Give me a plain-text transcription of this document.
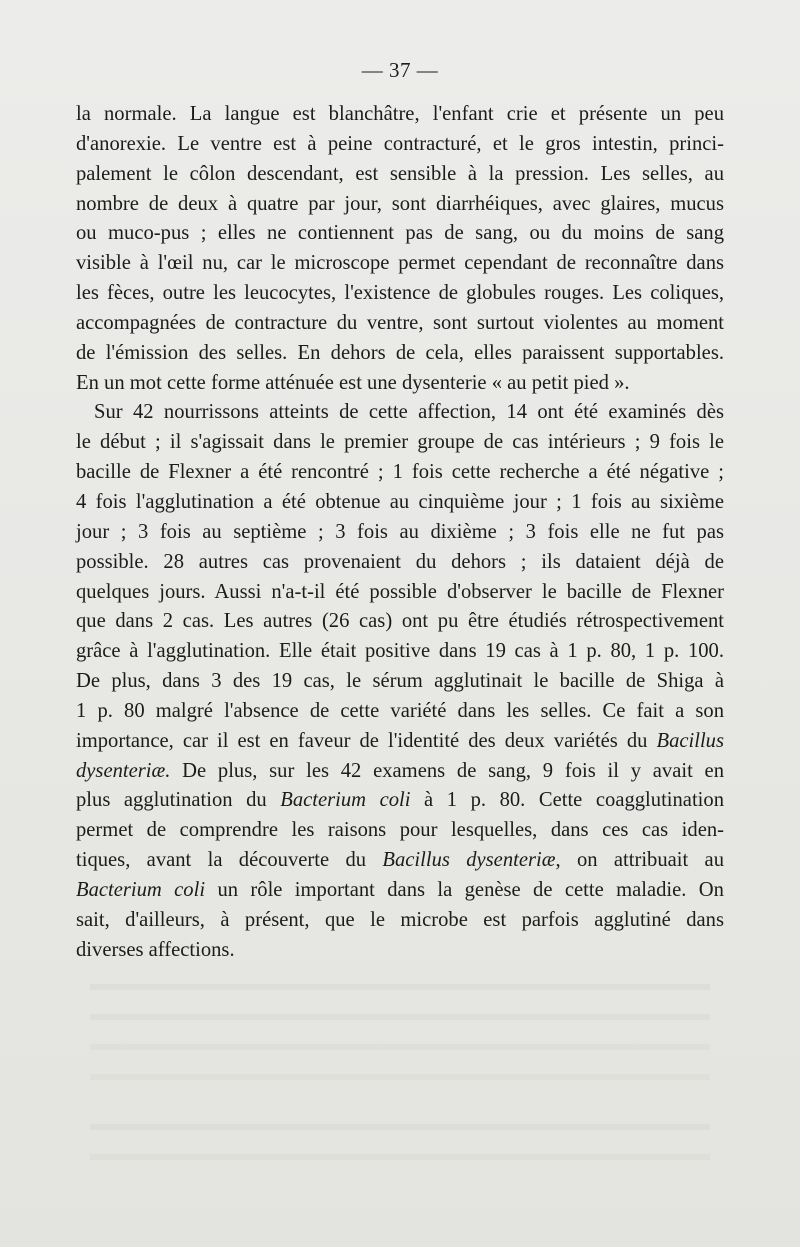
— 37 —
la normale. La langue est blanchâtre, l'enfant crie et présente un peu
d'anorexie. Le ventre est à peine contracturé, et le gros intestin, princi-
palement le côlon descendant, est sensible à la pression. Les selles, au
nombre de deux à quatre par jour, sont diarrhéiques, avec glaires, mucus
ou muco-pus ; elles ne contiennent pas de sang, ou du moins de sang
visible à l'œil nu, car le microscope permet cependant de reconnaître dans
les fèces, outre les leucocytes, l'existence de globules rouges. Les coliques,
accompagnées de contracture du ventre, sont surtout violentes au moment
de l'émission des selles. En dehors de cela, elles paraissent supportables.
En un mot cette forme atténuée est une dysenterie « au petit pied ».
Sur 42 nourrissons atteints de cette affection, 14 ont été examinés dès
le début ; il s'agissait dans le premier groupe de cas intérieurs ; 9 fois le
bacille de Flexner a été rencontré ; 1 fois cette recherche a été négative ;
4 fois l'agglutination a été obtenue au cinquième jour ; 1 fois au sixième
jour ; 3 fois au septième ; 3 fois au dixième ; 3 fois elle ne fut pas
possible. 28 autres cas provenaient du dehors ; ils dataient déjà de
quelques jours. Aussi n'a-t-il été possible d'observer le bacille de Flexner
que dans 2 cas. Les autres (26 cas) ont pu être étudiés rétrospectivement
grâce à l'agglutination. Elle était positive dans 19 cas à 1 p. 80, 1 p. 100.
De plus, dans 3 des 19 cas, le sérum agglutinait le bacille de Shiga à
1 p. 80 malgré l'absence de cette variété dans les selles. Ce fait a son
importance, car il est en faveur de l'identité des deux variétés du Bacillus
dysenteriæ. De plus, sur les 42 examens de sang, 9 fois il y avait en
plus agglutination du Bacterium coli à 1 p. 80. Cette coagglutination
permet de comprendre les raisons pour lesquelles, dans ces cas iden-
tiques, avant la découverte du Bacillus dysenteriæ, on attribuait au
Bacterium coli un rôle important dans la genèse de cette maladie. On
sait, d'ailleurs, à présent, que le microbe est parfois agglutiné dans
diverses affections.
